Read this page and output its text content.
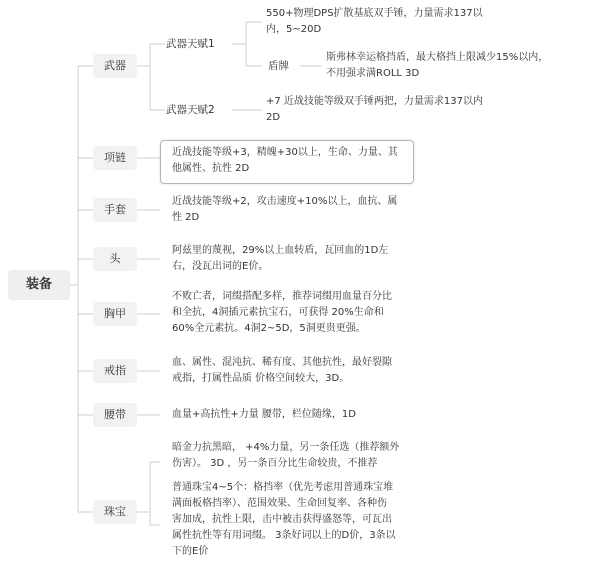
装备
武器
项链
手套
头
胸甲
戒指
腰带
珠宝
武器天赋1
550+物理DPS扩散基底双手锤，力量需求137以
内，5~20D
盾牌
斯弗林幸运格挡盾，最大格挡上限减少15%以内，
不用强求满ROLL 3D
武器天赋2
+7 近战技能等级双手锤两把，力量需求137以内
2D
近战技能等级+3，精魄+30以上，生命、力量、其
他属性、抗性 2D
近战技能等级+2，攻击速度+10%以上，血抗、属
性 2D
阿兹里的蔑视，29%以上血转盾，瓦回血的1D左
右，没瓦出词的E价。
不败亡者，词缀搭配多样，推荐词缀用血量百分比
和全抗，4洞插元素抗宝石，可获得 20%生命和
60%全元素抗。4洞2~5D，5洞更贵更强。
血、属性、混沌抗、稀有度、其他抗性，最好裂隙
戒指，打属性品质 价格空间较大，3D。
血量+高抗性+力量 腰带，栏位随缘，1D
暗金力抗黑暗， +4%力量，另一条任选（推荐额外
伤害）。 3D ，另一条百分比生命较贵，不推荐
普通珠宝4~5个：格挡率（优先考虑用普通珠宝堆
满面板格挡率）、范围效果、生命回复率、各种伤
害加成，抗性上限，击中被击获得盛怒等，可瓦出
属性抗性等有用词缀。 3条好词以上的D价，3条以
下的E价
